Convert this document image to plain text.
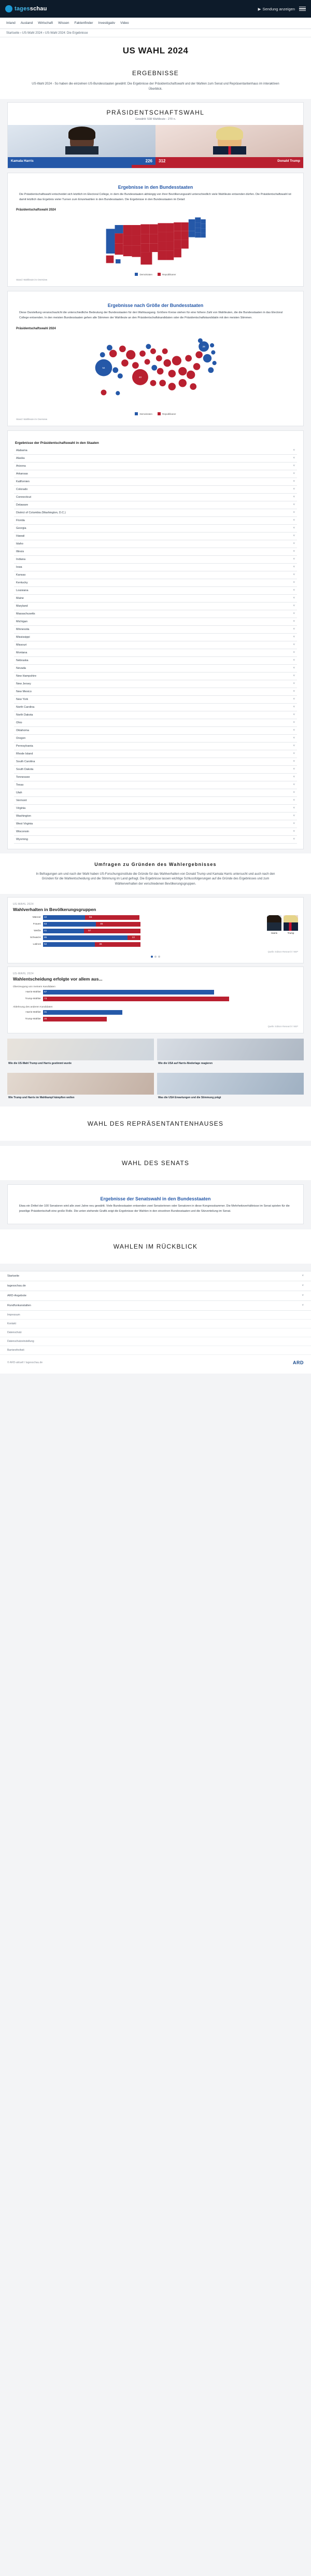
tagesschau	▶ Sendung anzeigen
Inland Ausland Wirtschaft Wissen Faktenfinder Investigativ Video
Startseite › US-Wahl 2024 › US-Wahl 2024: Die Ergebnisse
US WAHL 2024
ERGEBNISSE
US-Wahl 2024 - So haben die einzelnen US-Bundesstaaten gewählt: Die Ergebnisse der Präsidentschaftswahl und der Wahlen zum Senat und Repräsentantenhaus im interaktiven Überblick.
PRÄSIDENTSCHAFTSWAHL
Gewählt: 538 Wahlleute - 270 n.
Kamala Harris	226 312	Donald Trump
Ergebnisse in den Bundesstaaten
Die Präsidentschaftswahl entscheidet sich letztlich im Electoral College, in dem die Bundesstaaten abhängig von ihrer Bevölkerungszahl unterschiedlich viele Wahlleute entsenden dürfen. Die Präsidentschaftswahl ist damit letztlich das Ergebnis vieler Turnen zum Einzelwahlen in den Bundesstaaten. Die Ergebnisse in den Bundesstaaten im Detail:
Präsidentschaftswahl 2024
Demokraten	Republikaner
Stand: Wahlleute im Overview
Ergebnisse nach Größe der Bundesstaaten
Diese Darstellung veranschaulicht die unterschiedliche Bedeutung der Bundesstaaten für den Wahlausgang. Größere Kreise stehen für eine höhere Zahl von Wahlleuten, die die Bundesstaaten in das Electoral College entsenden. In den meisten Bundesstaaten gehen alle Stimmen der Wahlleute an den Präsidentschaftskandidaten oder die Präsidentschaftskandidatin mit den meisten Stimmen.
Präsidentschaftswahl 2024
54
40
28
Demokraten	Republikaner
Stand: Wahlleute im Overview
Ergebnisse der Präsidentschaftswahl in den Staaten
Alabama	˅
Alaska	˅
Arizona	˅
Arkansas	˅
Kalifornien	˅
Colorado	˅
Connecticut	˅
Delaware	˅
District of Columbia (Washington, D.C.)	˅
Florida	˅
Georgia	˅
Hawaii	˅
Idaho	˅
Illinois	˅
Indiana	˅
Iowa	˅
Kansas	˅
Kentucky	˅
Louisiana	˅
Maine	˅
Maryland	˅
Massachusetts	˅
Michigan	˅
Minnesota	˅
Mississippi	˅
Missouri	˅
Montana	˅
Nebraska	˅
Nevada	˅
New Hampshire	˅
New Jersey	˅
New Mexico	˅
New York	˅
North Carolina	˅
North Dakota	˅
Ohio	˅
Oklahoma	˅
Oregon	˅
Pennsylvania	˅
Rhode Island	˅
South Carolina	˅
South Dakota	˅
Tennessee	˅
Texas	˅
Utah	˅
Vermont	˅
Virginia	˅
Washington	˅
West Virginia	˅
Wisconsin	˅
Wyoming	˅
Umfragen zu Gründen des Wahlergebnisses
In Befragungen am und nach der Wahl haben US-Forschungsinstitute die Gründe für das Wahlverhalten von Donald Trump und Kamala Harris untersucht und auch nach den Gründen für die Wahlentscheidung und die Stimmung im Land gefragt. Die Ergebnisse lassen wichtige Schlussfolgerungen auf die Gründe des Ergebnisses und zum Wählerverhalten der verschiedenen Bevölkerungsgruppen.
US-WAHL 2024
Wahlverhalten in Bevölkerungsgruppen
Männer 42	55
Frauen 53	45
Weiße 41	57
Schwarze 85	13
Latinos 52	46
Harris	Trump
Quelle: Edison Research / NEP
US-WAHL 2024
Wahlentscheidung erfolgte vor allem aus...
Überzeugung von meinem Kandidaten
Harris-Wähler 67
Trump-Wähler 73
Ablehnung des anderen Kandidaten
Harris-Wähler 31
Trump-Wähler 25
Quelle: Edison Research / NEP
Wie die US-Wahl Trump und Harris gestimmt wurde	Wie die USA auf Harris-Niederlage reagieren
Wie Trump und Harris im Wahlkampf kämpften wollen	Was die USA Erwartungen und die Stimmung prägt
WAHL DES REPRÄSENTANTENHAUSES
WAHL DES SENATS
Ergebnisse der Senatswahl in den Bundesstaaten
Etwa ein Drittel der 100 Senatoren wird alle zwei Jahre neu gewählt. Viele Bundesstaaten entsenden zwei Senatorinnen oder Senatoren in diese Kongresskammer. Die Mehrheitsverhältnisse im Senat spielen für die jeweilige Präsidentschaft eine große Rolle. Die unten stehende Grafik zeigt die Ergebnisse der Wahlen in den einzelnen Bundesstaaten und die Sitzverteilung im Senat.
WAHLEN IM RÜCKBLICK
Startseite	˅
tagesschau.de	˅
ARD-Angebote	˅
Rundfunkanstalten	˅
Impressum
Kontakt
Datenschutz
Datenschutzeinstellung
Barrierefreiheit
© ARD-aktuell / tagesschau.de	ARD
